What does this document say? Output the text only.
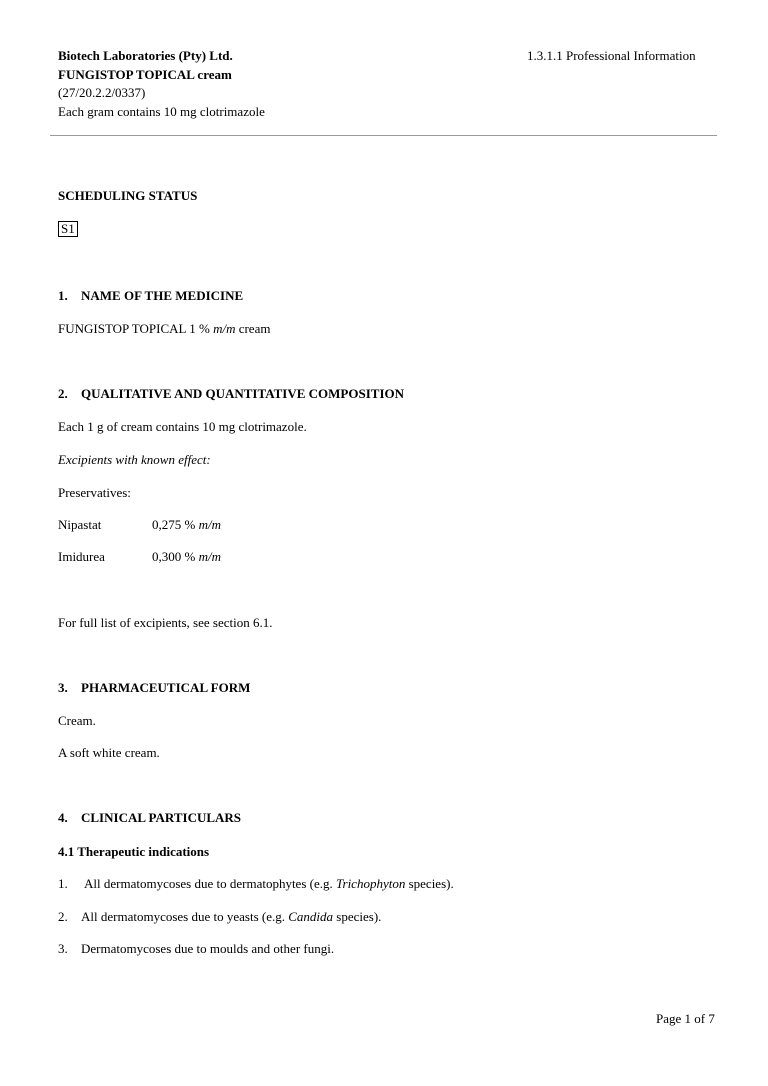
Biotech Laboratories (Pty) Ltd.
FUNGISTOP TOPICAL cream
(27/20.2.2/0337)
Each gram contains 10 mg clotrimazole
1.3.1.1 Professional Information
SCHEDULING STATUS
S1
1. NAME OF THE MEDICINE
FUNGISTOP TOPICAL 1 % m/m cream
2. QUALITATIVE AND QUANTITATIVE COMPOSITION
Each 1 g of cream contains 10 mg clotrimazole.
Excipients with known effect:
Preservatives:
Nipastat	0,275 % m/m
Imidurea	0,300 % m/m
For full list of excipients, see section 6.1.
3. PHARMACEUTICAL FORM
Cream.
A soft white cream.
4. CLINICAL PARTICULARS
4.1 Therapeutic indications
1. All dermatomycoses due to dermatophytes (e.g. Trichophyton species).
2. All dermatomycoses due to yeasts (e.g. Candida species).
3. Dermatomycoses due to moulds and other fungi.
Page 1 of 7
